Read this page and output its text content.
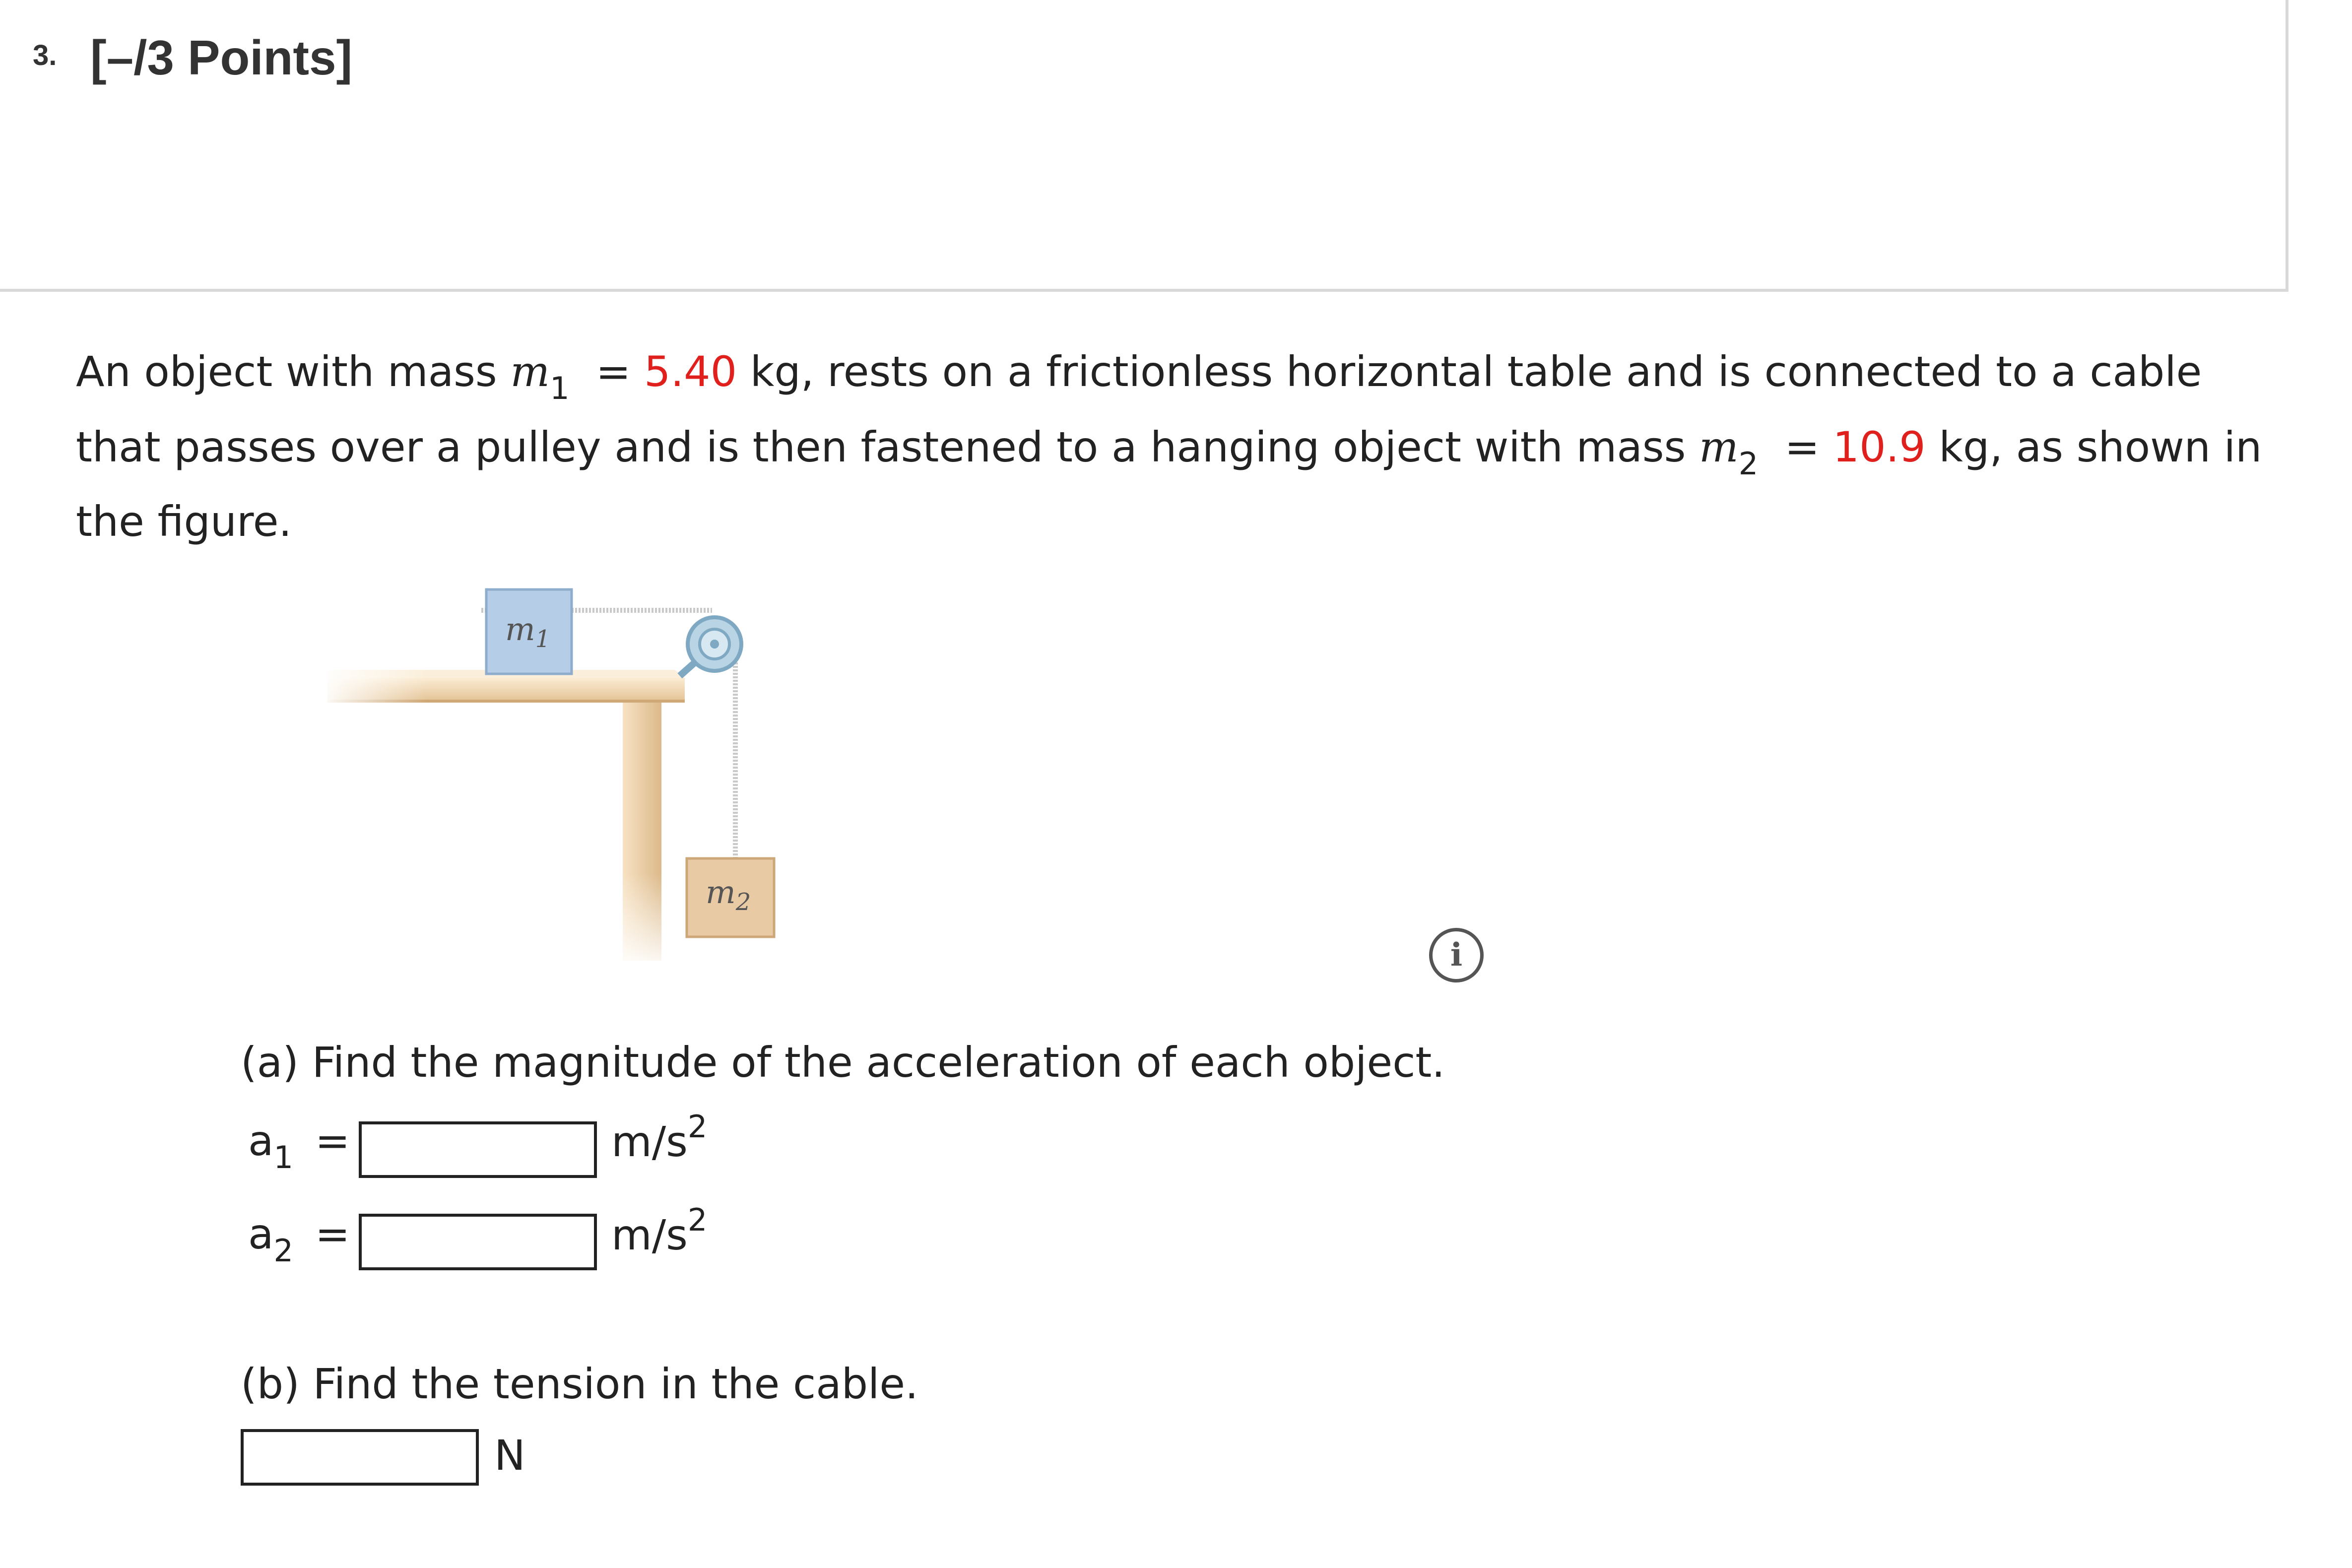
3. [–/3 Points]
An object with mass $m_1 = 5.40$ kg, rests on a frictionless horizontal table and is connected to a cable
that passes over a pulley and is then fastened to a hanging object with mass $m_2 = 10.9$ kg, as shown in
the figure.
$m_1$
$m_2$
i
(a) Find the magnitude of the acceleration of each object.
$a_1$ =	$m/s^2$
$a_2$ =	$m/s^2$
(b) Find the tension in the cable.
N
